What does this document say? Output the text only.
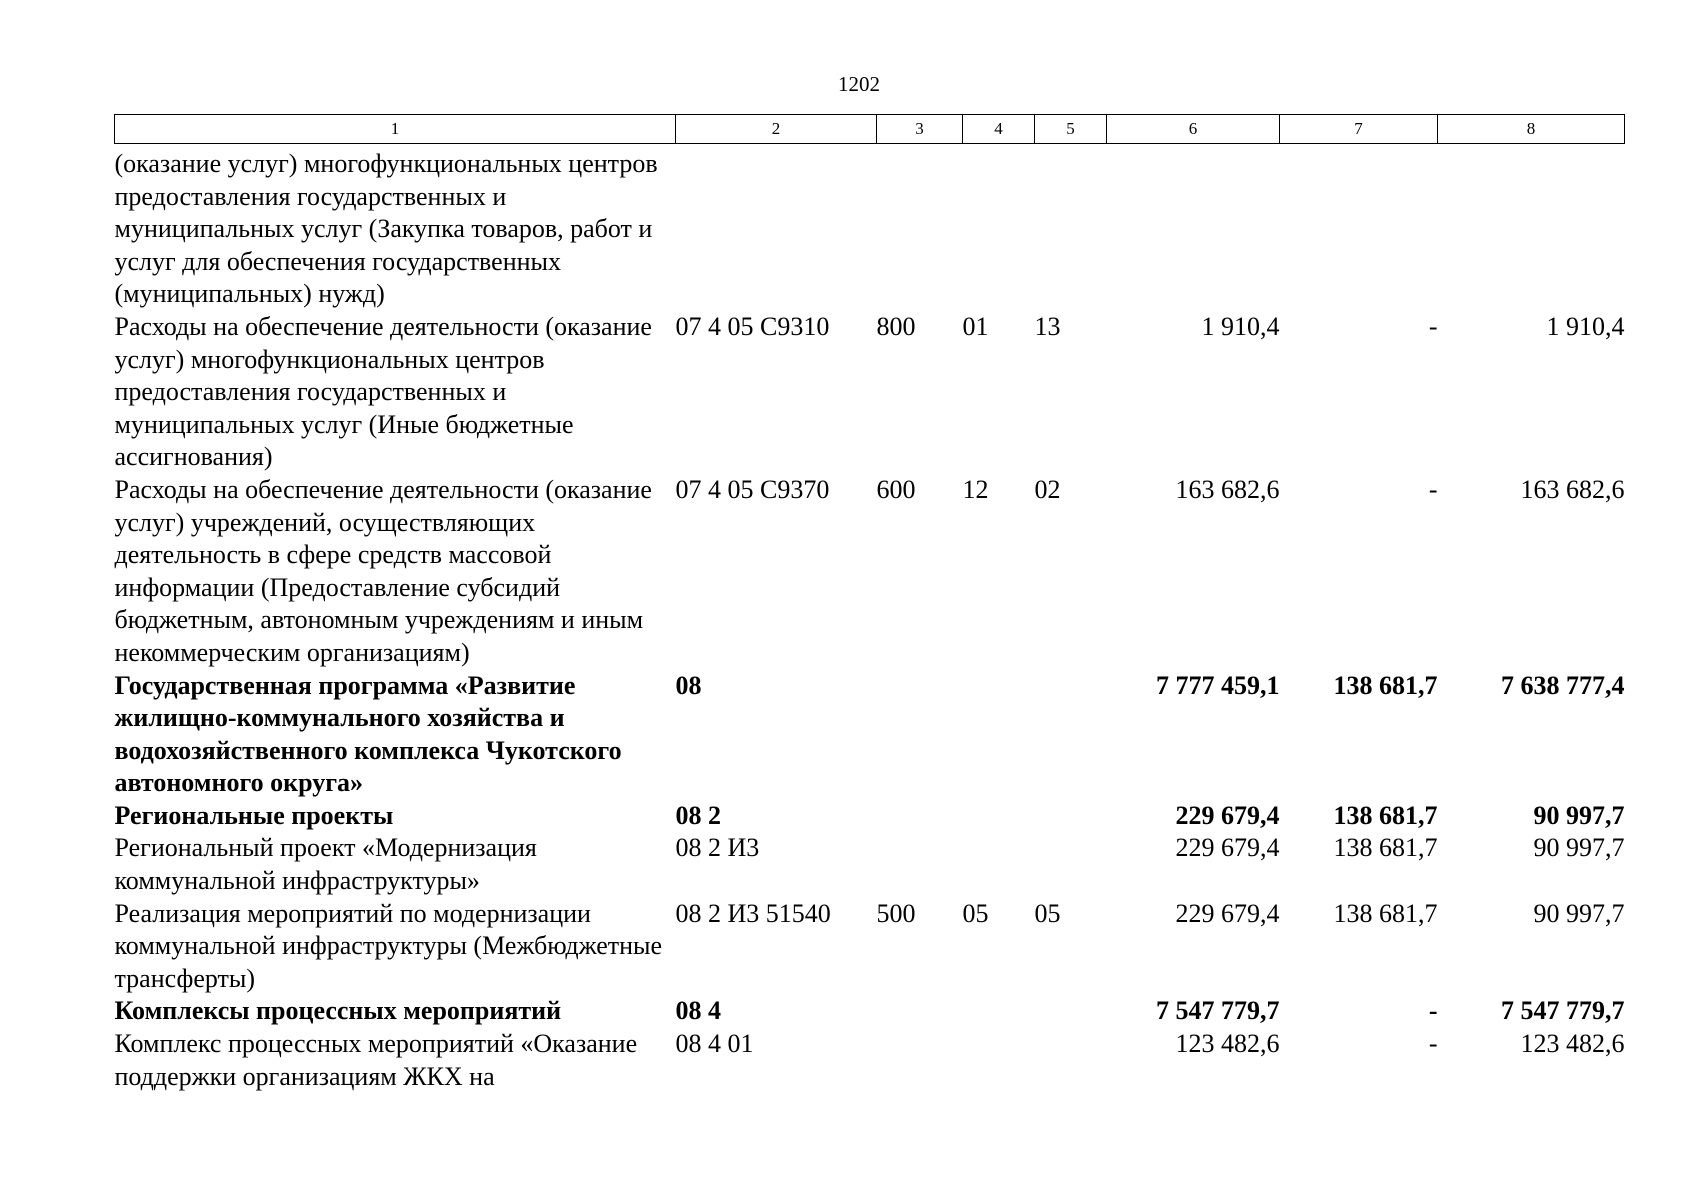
1202
1	2	3	4	5	6	7	8
(оказание услуг) многофункциональных центров предоставления государственных и муниципальных услуг (Закупка товаров, работ и услуг для обеспечения государственных (муниципальных) нужд)							
Расходы на обеспечение деятельности (оказание услуг) многофункциональных центров предоставления государственных и муниципальных услуг (Иные бюджетные ассигнования)	07 4 05 С9310	800	01	13	1 910,4	-	1 910,4
Расходы на обеспечение деятельности (оказание услуг) учреждений, осуществляющих деятельность в сфере средств массовой информации (Предоставление субсидий бюджетным, автономным учреждениям и иным некоммерческим организациям)	07 4 05 С9370	600	12	02	163 682,6	-	163 682,6
Государственная программа «Развитие жилищно-коммунального хозяйства и водохозяйственного комплекса Чукотского автономного округа»	08				7 777 459,1	138 681,7	7 638 777,4
Региональные проекты	08 2				229 679,4	138 681,7	90 997,7
Региональный проект «Модернизация коммунальной инфраструктуры»	08 2 И3				229 679,4	138 681,7	90 997,7
Реализация мероприятий по модернизации коммунальной инфраструктуры (Межбюджетные трансферты)	08 2 И3 51540	500	05	05	229 679,4	138 681,7	90 997,7
Комплексы процессных мероприятий	08 4				7 547 779,7	-	7 547 779,7
Комплекс процессных мероприятий «Оказание поддержки организациям ЖКХ на	08 4 01				123 482,6	-	123 482,6
